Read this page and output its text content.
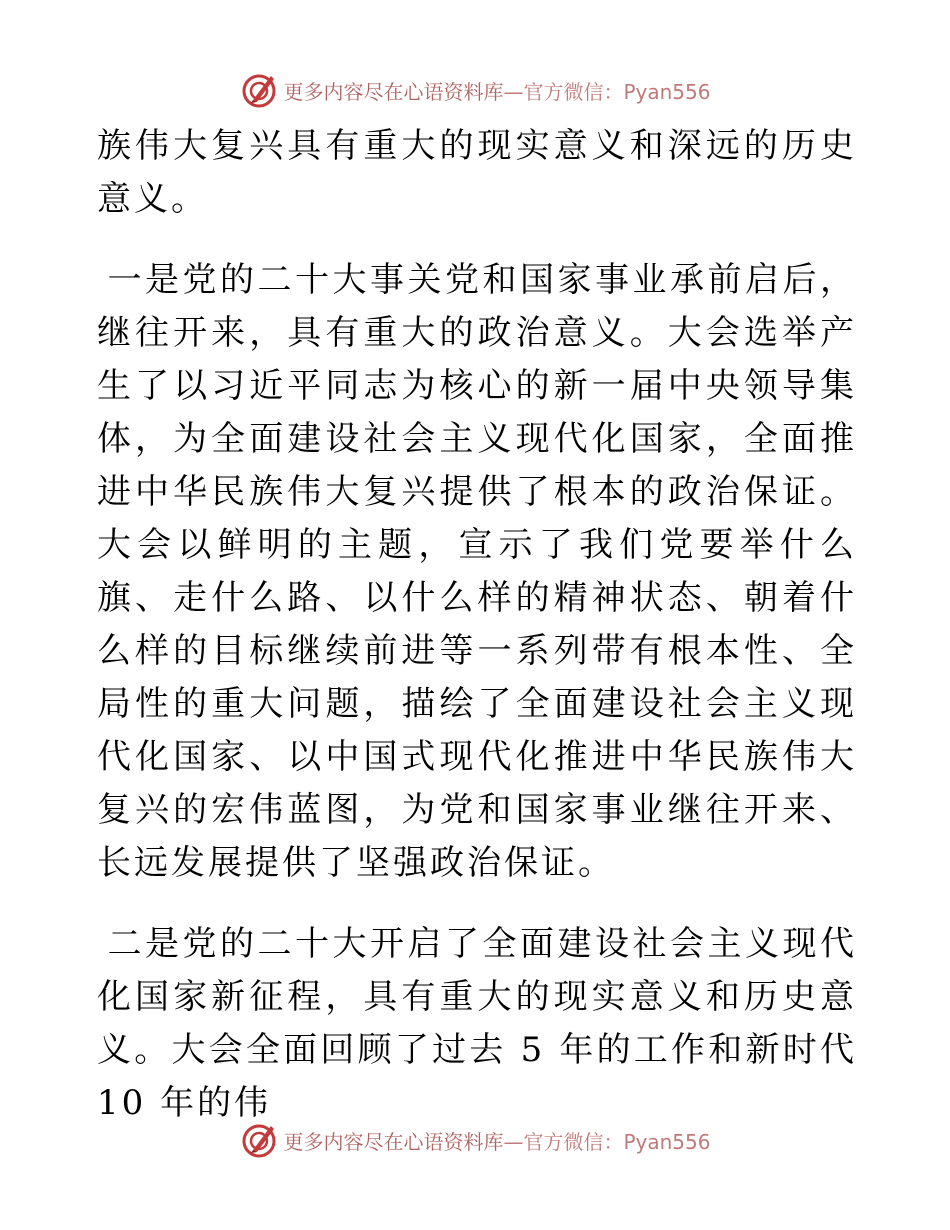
更多内容尽在心语资料库—官方微信：Pyan556

族伟大复兴具有重大的现实意义和深远的历史意义。

一是党的二十大事关党和国家事业承前启后，继往开来，具有重大的政治意义。大会选举产生了以习近平同志为核心的新一届中央领导集体，为全面建设社会主义现代化国家，全面推进中华民族伟大复兴提供了根本的政治保证。大会以鲜明的主题，宣示了我们党要举什么旗、走什么路、以什么样的精神状态、朝着什么样的目标继续前进等一系列带有根本性、全局性的重大问题，描绘了全面建设社会主义现代化国家、以中国式现代化推进中华民族伟大复兴的宏伟蓝图，为党和国家事业继往开来、长远发展提供了坚强政治保证。

二是党的二十大开启了全面建设社会主义现代化国家新征程，具有重大的现实意义和历史意义。大会全面回顾了过去 5 年的工作和新时代 10 年的伟

更多内容尽在心语资料库—官方微信：Pyan556
